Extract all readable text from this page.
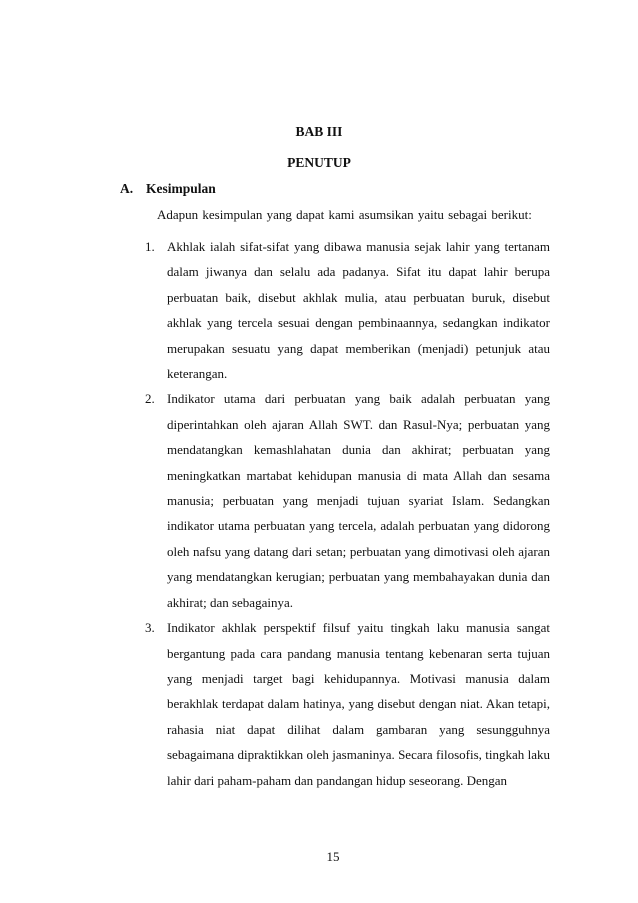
BAB III
PENUTUP
A. Kesimpulan
Adapun kesimpulan yang dapat kami asumsikan yaitu sebagai berikut:
1. Akhlak ialah sifat-sifat yang dibawa manusia sejak lahir yang tertanam dalam jiwanya dan selalu ada padanya. Sifat itu dapat lahir berupa perbuatan baik, disebut akhlak mulia, atau perbuatan buruk, disebut akhlak yang tercela sesuai dengan pembinaannya, sedangkan indikator merupakan sesuatu yang dapat memberikan (menjadi) petunjuk atau keterangan.
2. Indikator utama dari perbuatan yang baik adalah perbuatan yang diperintahkan oleh ajaran Allah SWT. dan Rasul-Nya; perbuatan yang mendatangkan kemashlahatan dunia dan akhirat; perbuatan yang meningkatkan martabat kehidupan manusia di mata Allah dan sesama manusia; perbuatan yang menjadi tujuan syariat Islam. Sedangkan indikator utama perbuatan yang tercela, adalah perbuatan yang didorong oleh nafsu yang datang dari setan; perbuatan yang dimotivasi oleh ajaran yang mendatangkan kerugian; perbuatan yang membahayakan dunia dan akhirat; dan sebagainya.
3. Indikator akhlak perspektif filsuf yaitu tingkah laku manusia sangat bergantung pada cara pandang manusia tentang kebenaran serta tujuan yang menjadi target bagi kehidupannya. Motivasi manusia dalam berakhlak terdapat dalam hatinya, yang disebut dengan niat. Akan tetapi, rahasia niat dapat dilihat dalam gambaran yang sesungguhnya sebagaimana dipraktikkan oleh jasmaninya. Secara filosofis, tingkah laku lahir dari paham-paham dan pandangan hidup seseorang. Dengan
15
